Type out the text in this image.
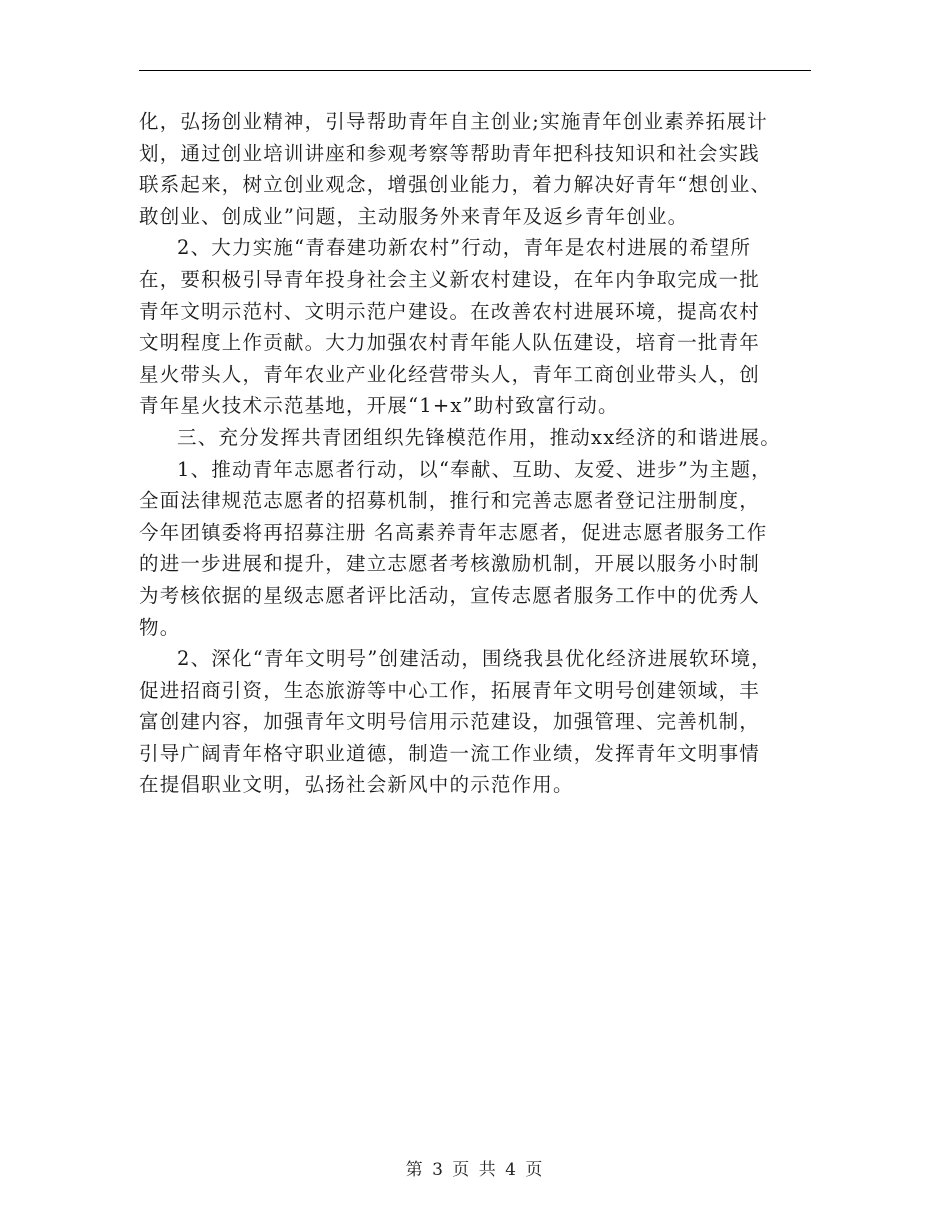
化，弘扬创业精神，引导帮助青年自主创业;实施青年创业素养拓展计
划，通过创业培训讲座和参观考察等帮助青年把科技知识和社会实践
联系起来，树立创业观念，增强创业能力，着力解决好青年“想创业、
敢创业、创成业”问题，主动服务外来青年及返乡青年创业。
2、大力实施“青春建功新农村”行动，青年是农村进展的希望所
在，要积极引导青年投身社会主义新农村建设，在年内争取完成一批
青年文明示范村、文明示范户建设。在改善农村进展环境，提高农村
文明程度上作贡献。大力加强农村青年能人队伍建设，培育一批青年
星火带头人，青年农业产业化经营带头人，青年工商创业带头人，创
青年星火技术示范基地，开展“1+x”助村致富行动。
三、充分发挥共青团组织先锋模范作用，推动xx经济的和谐进展。
1、推动青年志愿者行动，以“奉献、互助、友爱、进步”为主题，
全面法律规范志愿者的招募机制，推行和完善志愿者登记注册制度，
今年团镇委将再招募注册 名高素养青年志愿者，促进志愿者服务工作
的进一步进展和提升，建立志愿者考核激励机制，开展以服务小时制
为考核依据的星级志愿者评比活动，宣传志愿者服务工作中的优秀人
物。
2、深化“青年文明号”创建活动，围绕我县优化经济进展软环境，
促进招商引资，生态旅游等中心工作，拓展青年文明号创建领域，丰
富创建内容，加强青年文明号信用示范建设，加强管理、完善机制，
引导广阔青年格守职业道德，制造一流工作业绩，发挥青年文明事情
在提倡职业文明，弘扬社会新风中的示范作用。
第 3 页 共 4 页
